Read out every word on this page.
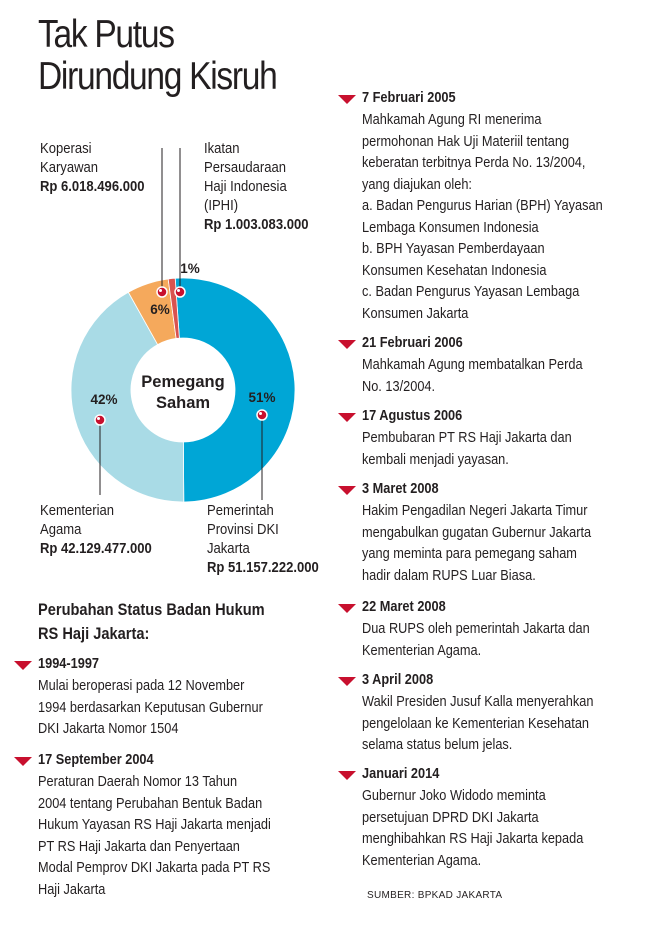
Tak Putus
Dirundung Kisruh
51%
42%
6%
1%
Pemegang
Saham
Koperasi
Karyawan
Rp 6.018.496.000
Ikatan
Persaudaraan
Haji Indonesia
(IPHI)
Rp 1.003.083.000
Kementerian
Agama
Rp 42.129.477.000
Pemerintah
Provinsi DKI
Jakarta
Rp 51.157.222.000
Perubahan Status Badan Hukum
RS Haji Jakarta:
1994-1997
Mulai beroperasi pada 12 November
1994 berdasarkan Keputusan Gubernur
DKI Jakarta Nomor 1504
17 September 2004
Peraturan Daerah Nomor 13 Tahun
2004 tentang Perubahan Bentuk Badan
Hukum Yayasan RS Haji Jakarta menjadi
PT RS Haji Jakarta dan Penyertaan
Modal Pemprov DKI Jakarta pada PT RS
Haji Jakarta
7 Februari 2005
Mahkamah Agung RI menerima
permohonan Hak Uji Materiil tentang
keberatan terbitnya Perda No. 13/2004,
yang diajukan oleh:
a. Badan Pengurus Harian (BPH) Yayasan
Lembaga Konsumen Indonesia
b. BPH Yayasan Pemberdayaan
Konsumen Kesehatan Indonesia
c. Badan Pengurus Yayasan Lembaga
Konsumen Jakarta
21 Februari 2006
Mahkamah Agung membatalkan Perda
No. 13/2004.
17 Agustus 2006
Pembubaran PT RS Haji Jakarta dan
kembali menjadi yayasan.
3 Maret 2008
Hakim Pengadilan Negeri Jakarta Timur
mengabulkan gugatan Gubernur Jakarta
yang meminta para pemegang saham
hadir dalam RUPS Luar Biasa.
22 Maret 2008
Dua RUPS oleh pemerintah Jakarta dan
Kementerian Agama.
3 April 2008
Wakil Presiden Jusuf Kalla menyerahkan
pengelolaan ke Kementerian Kesehatan
selama status belum jelas.
Januari 2014
Gubernur Joko Widodo meminta
persetujuan DPRD DKI Jakarta
menghibahkan RS Haji Jakarta kepada
Kementerian Agama.
SUMBER: BPKAD JAKARTA
